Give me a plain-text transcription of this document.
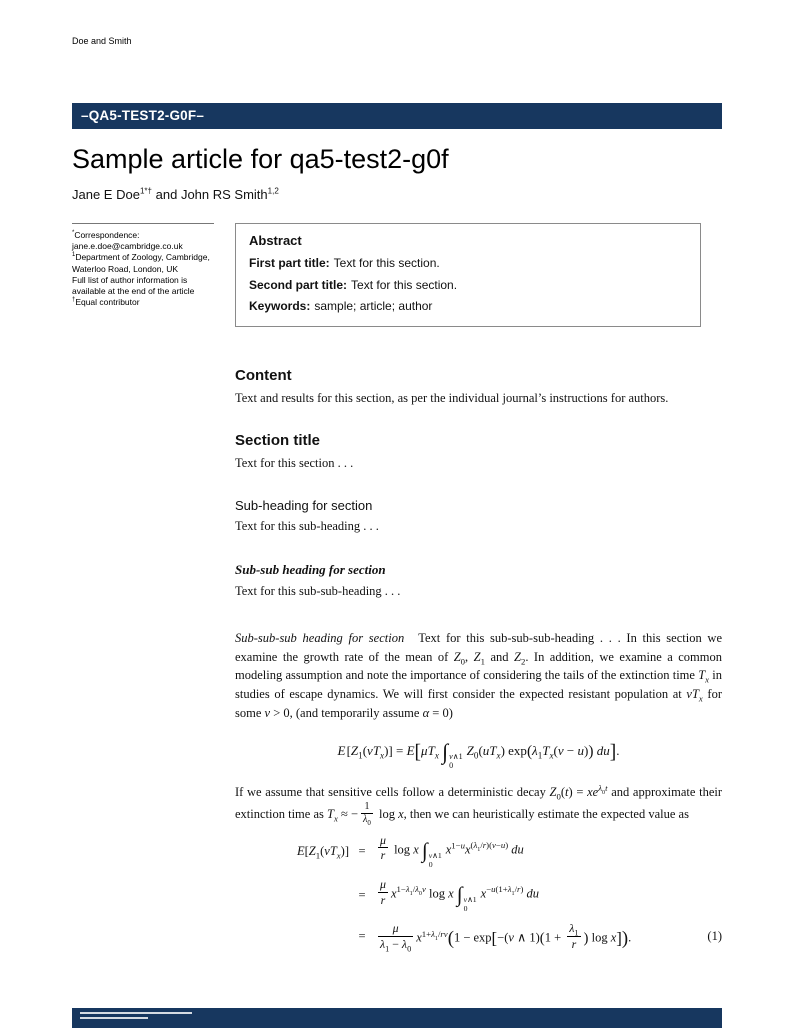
Doe and Smith
–QA5-TEST2-G0F–
Sample article for qa5-test2-g0f
Jane E Doe$^{1*\dagger}$ and John RS Smith$^{1,2}$
*Correspondence:
jane.e.doe@cambridge.co.uk
$^1$Department of Zoology, Cambridge, Waterloo Road, London, UK
Full list of author information is available at the end of the article
†Equal contributor
Abstract
First part title: Text for this section.
Second part title: Text for this section.
Keywords: sample; article; author
Content
Text and results for this section, as per the individual journal’s instructions for authors.
Section title
Text for this section . . .
Sub-heading for section
Text for this sub-heading . . .
Sub-sub heading for section
Text for this sub-sub-heading . . .
Sub-sub-sub heading for section Text for this sub-sub-sub-heading . . . In this section we examine the growth rate of the mean of $Z_0$, $Z_1$ and $Z_2$. In addition, we examine a common modeling assumption and note the importance of considering the tails of the extinction time $T_x$ in studies of escape dynamics. We will first consider the expected resistant population at $vT_x$ for some v > 0, (and temporarily assume α = 0)
E $[Z_1(vT_x)] = E[\mu T_x$ ∫ v∧1
0
$Z_0(uT_x) \exp(\lambda_1T_x(v - u))$ du].
If we assume that sensitive cells follow a deterministic decay $Z_0(t) = xe^{\lambda_0t}$ and approximate their extinction time as $T_x$ ≈ − $\frac{1}{\lambda_0}$ log x, then we can heuristically estimate the expected value as
$E[Z_1(vT_x)]$ =	$\frac{\mu}{r}$ log x ∫ v∧1
0
$x^{1-u}x^{(\lambda_1/r)(v-u)}$ du
=	$\frac{\mu}{r} x^{1-\lambda_1/\lambda_0v}$ log x ∫ v∧1
0
$x^{-u(1+\lambda_1/r)}$ du
=	$\frac{\mu}{\lambda_1 - \lambda_0} x^{1+\lambda_1/rv}(1 - \exp[-(v$ ∧ $1)(1 + \frac{\lambda_1}{r}$ ) log x]).	(1)
